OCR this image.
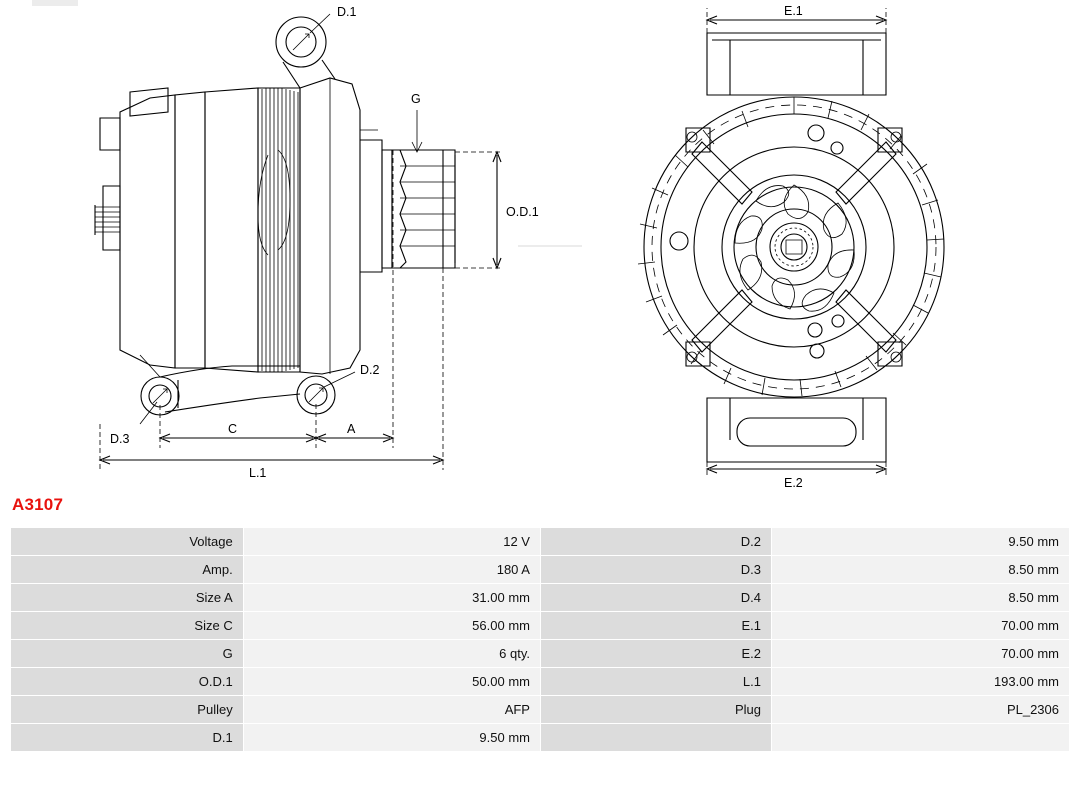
G
D.1
D.2
D.3
O.D.1
C	A
L.1
E.1
E.2
A3107
Voltage	12 V	D.2	9.50 mm
Amp.	180 A	D.3	8.50 mm
Size A	31.00 mm	D.4	8.50 mm
Size C	56.00 mm	E.1	70.00 mm
G	6 qty.	E.2	70.00 mm
O.D.1	50.00 mm	L.1	193.00 mm
Pulley	AFP	Plug	PL_2306
D.1	9.50 mm		
